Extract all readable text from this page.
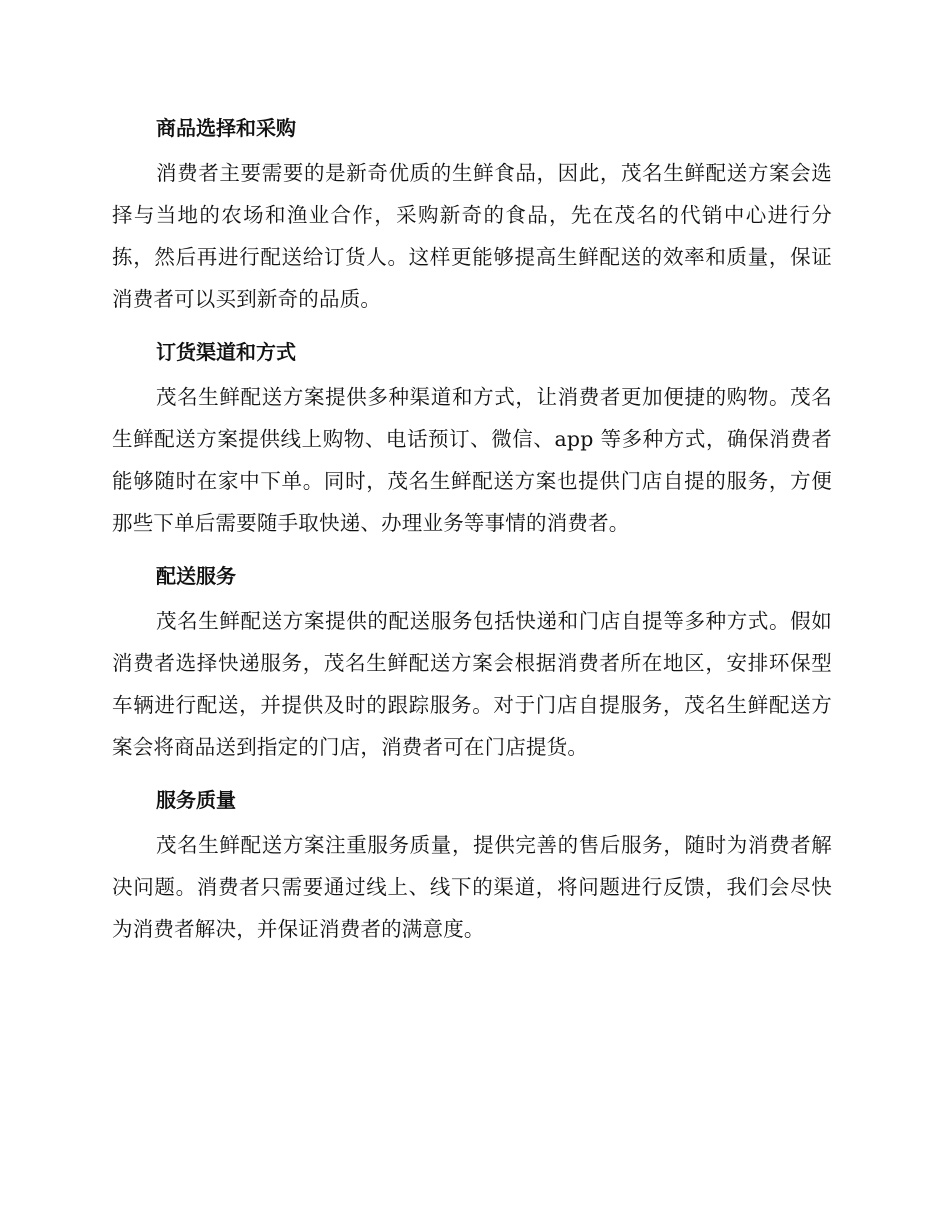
商品选择和采购

消费者主要需要的是新奇优质的生鲜食品，因此，茂名生鲜配送方案会选择与当地的农场和渔业合作，采购新奇的食品，先在茂名的代销中心进行分拣，然后再进行配送给订货人。这样更能够提高生鲜配送的效率和质量，保证消费者可以买到新奇的品质。

订货渠道和方式

茂名生鲜配送方案提供多种渠道和方式，让消费者更加便捷的购物。茂名生鲜配送方案提供线上购物、电话预订、微信、app 等多种方式，确保消费者能够随时在家中下单。同时，茂名生鲜配送方案也提供门店自提的服务，方便那些下单后需要随手取快递、办理业务等事情的消费者。

配送服务

茂名生鲜配送方案提供的配送服务包括快递和门店自提等多种方式。假如消费者选择快递服务，茂名生鲜配送方案会根据消费者所在地区，安排环保型车辆进行配送，并提供及时的跟踪服务。对于门店自提服务，茂名生鲜配送方案会将商品送到指定的门店，消费者可在门店提货。

服务质量

茂名生鲜配送方案注重服务质量，提供完善的售后服务，随时为消费者解决问题。消费者只需要通过线上、线下的渠道，将问题进行反馈，我们会尽快为消费者解决，并保证消费者的满意度。
